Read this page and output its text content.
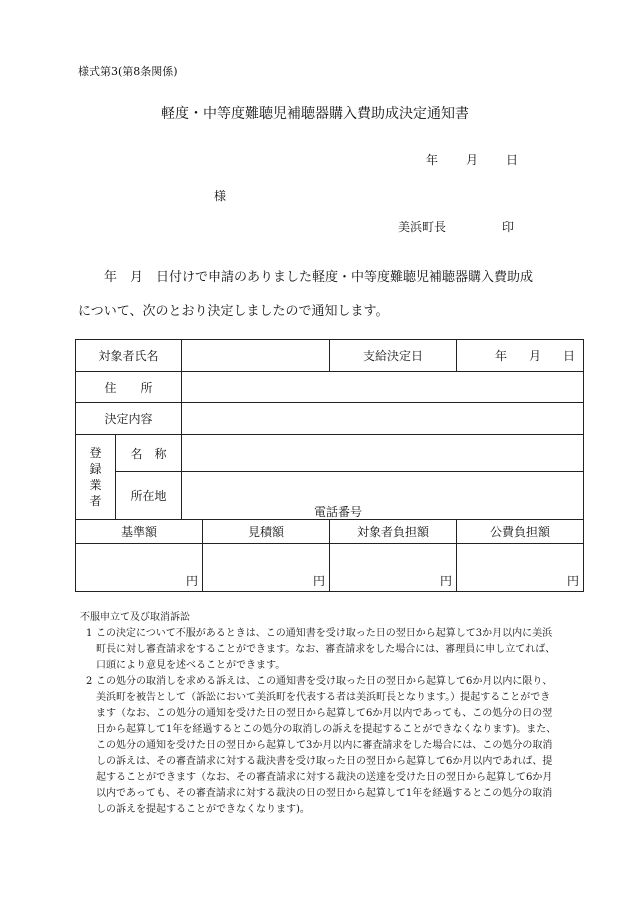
様式第3(第8条関係)
軽度・中等度難聴児補聴器購入費助成決定通知書
年 月 日
様
美浜町長	印
年　月　日付けで申請のありました軽度・中等度難聴児補聴器購入費助成
について、次のとおり決定しましたので通知します。
対象者氏名				支給決定日	年 月 日
住　　所					
決定内容					

登録業者	名　称				
	所在地	電話番号			

基準額			見積額	対象者負担額	公費負担額
円			円	円	円
不服申立て及び取消訴訟
1 この決定について不服があるときは、この通知書を受け取った日の翌日から起算して3か月以内に美浜町長に対し審査請求をすることができます。なお、審査請求をした場合には、審理員に申し立てれば、口頭により意見を述べることができます。
2 この処分の取消しを求める訴えは、この通知書を受け取った日の翌日から起算して6か月以内に限り、美浜町を被告として（訴訟において美浜町を代表する者は美浜町長となります。）提起することができます（なお、この処分の通知を受けた日の翌日から起算して6か月以内であっても、この処分の日の翌日から起算して1年を経過するとこの処分の取消しの訴えを提起することができなくなります)。また、この処分の通知を受けた日の翌日から起算して3か月以内に審査請求をした場合には、この処分の取消しの訴えは、その審査請求に対する裁決書を受け取った日の翌日から起算して6か月以内であれば、提起することができます（なお、その審査請求に対する裁決の送達を受けた日の翌日から起算して6か月以内であっても、その審査請求に対する裁決の日の翌日から起算して1年を経過するとこの処分の取消しの訴えを提起することができなくなります)。
